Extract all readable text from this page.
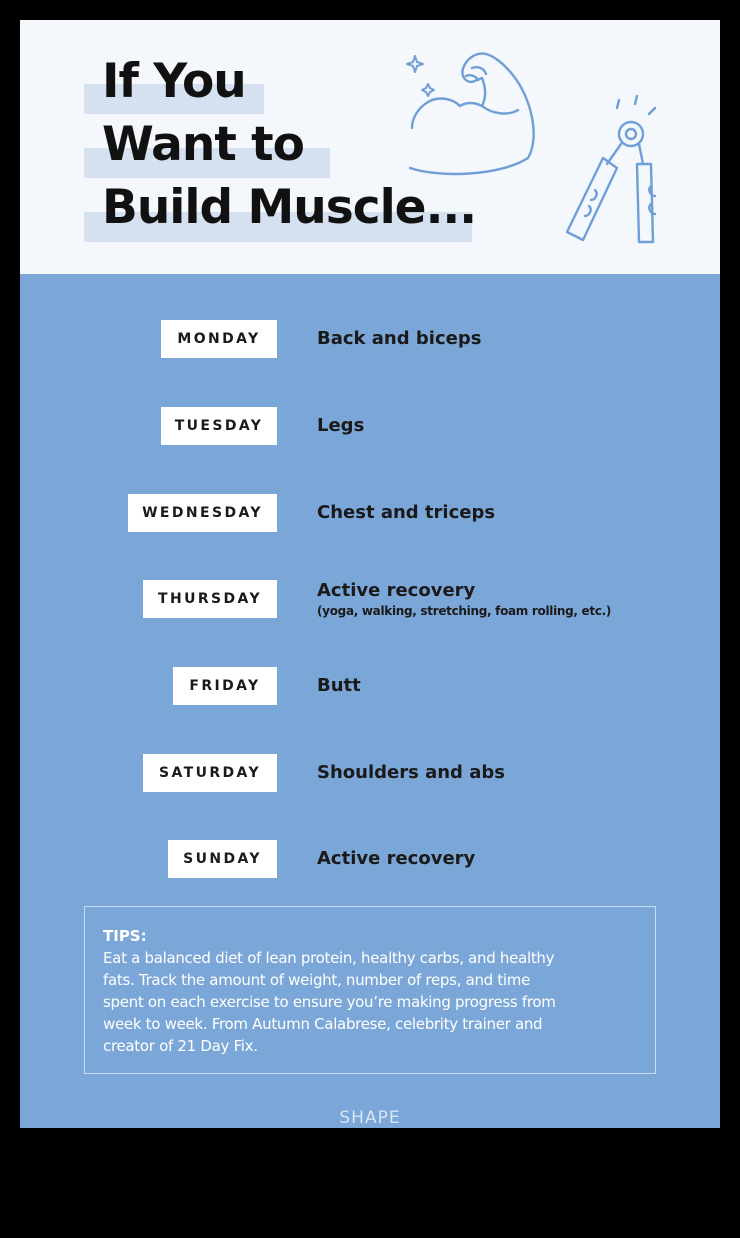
If You
Want to
Build Muscle...
MONDAY	Back and biceps
TUESDAY	Legs
WEDNESDAY	Chest and triceps
THURSDAY	Active recovery
(yoga, walking, stretching, foam rolling, etc.)
FRIDAY	Butt
SATURDAY	Shoulders and abs
SUNDAY	Active recovery
TIPS:
Eat a balanced diet of lean protein, healthy carbs, and healthy
fats. Track the amount of weight, number of reps, and time
spent on each exercise to ensure you’re making progress from
week to week. From Autumn Calabrese, celebrity trainer and
creator of 21 Day Fix.
SHAPE
